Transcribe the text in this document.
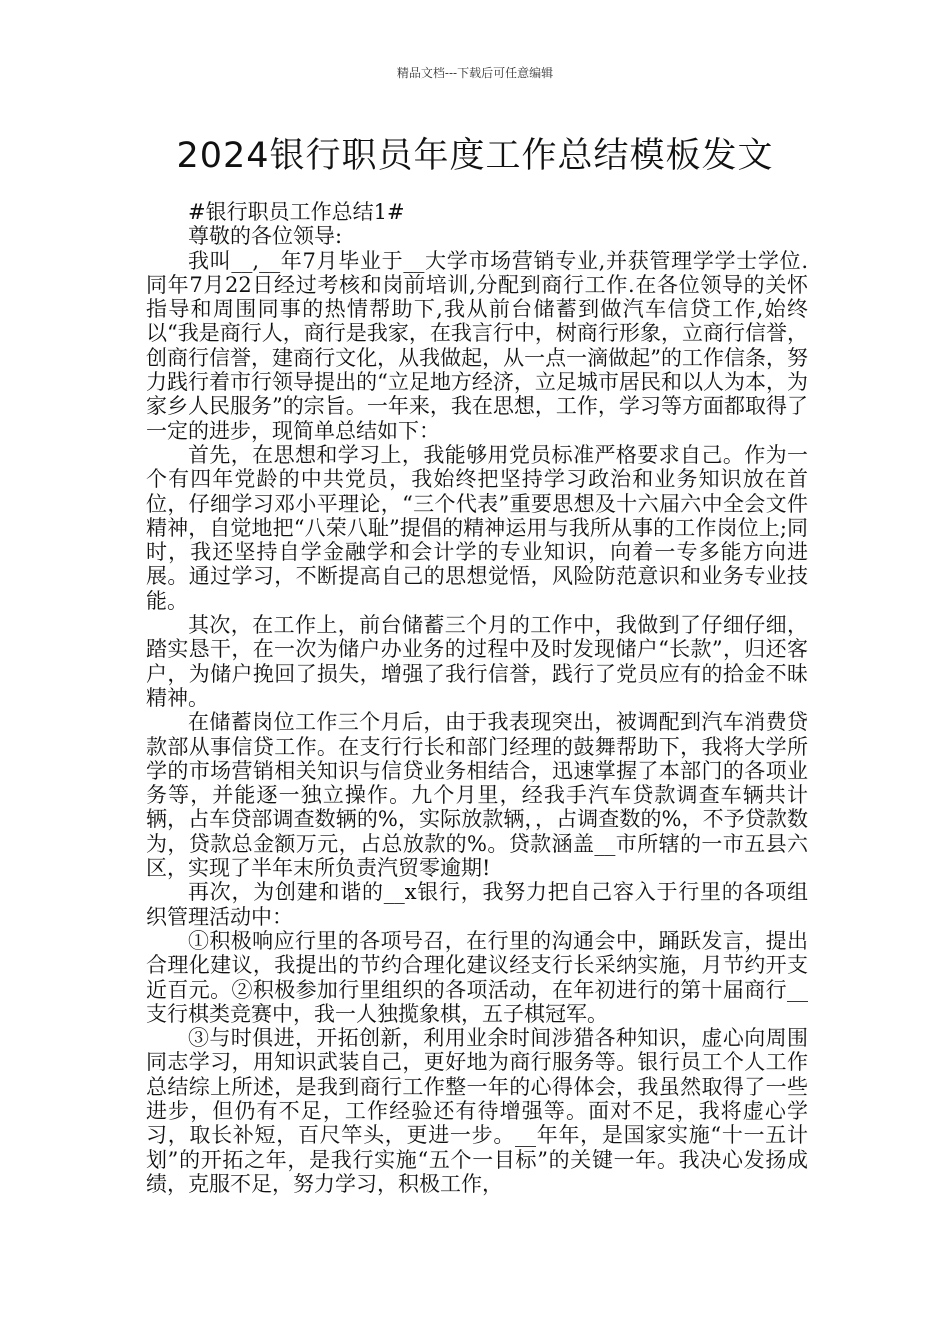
精品文档---下载后可任意编辑
2024银行职员年度工作总结模板发文

#银行职员工作总结1#

尊敬的各位领导:

我叫__,__年7月毕业于__大学市场营销专业,并获管理学学士学位.同年7月22日经过考核和岗前培训,分配到商行工作.在各位领导的关怀指导和周围同事的热情帮助下,我从前台储蓄到做汽车信贷工作,始终以“我是商行人，商行是我家，在我言行中，树商行形象，立商行信誉，创商行信誉，建商行文化，从我做起，从一点一滴做起”的工作信条，努力践行着市行领导提出的“立足地方经济，立足城市居民和以人为本，为家乡人民服务”的宗旨。一年来，我在思想，工作，学习等方面都取得了一定的进步，现简单总结如下：

首先，在思想和学习上，我能够用党员标准严格要求自己。作为一个有四年党龄的中共党员，我始终把坚持学习政治和业务知识放在首位，仔细学习邓小平理论，“三个代表”重要思想及十六届六中全会文件精神，自觉地把“八荣八耻”提倡的精神运用与我所从事的工作岗位上;同时，我还坚持自学金融学和会计学的专业知识，向着一专多能方向进展。通过学习，不断提高自己的思想觉悟，风险防范意识和业务专业技能。

其次，在工作上，前台储蓄三个月的工作中，我做到了仔细仔细，踏实恳干，在一次为储户办业务的过程中及时发现储户“长款”，归还客户，为储户挽回了损失，增强了我行信誉，践行了党员应有的拾金不昧精神。

在储蓄岗位工作三个月后，由于我表现突出，被调配到汽车消费贷款部从事信贷工作。在支行行长和部门经理的鼓舞帮助下，我将大学所学的市场营销相关知识与信贷业务相结合，迅速掌握了本部门的各项业务等，并能逐一独立操作。九个月里，经我手汽车贷款调查车辆共计辆，占车贷部调查数辆的%，实际放款辆，，占调查数的%，不予贷款数为，贷款总金额万元，占总放款的%。贷款涵盖__市所辖的一市五县六区，实现了半年末所负责汽贸零逾期!

再次，为创建和谐的__x银行，我努力把自己容入于行里的各项组织管理活动中：

①积极响应行里的各项号召，在行里的沟通会中，踊跃发言，提出合理化建议，我提出的节约合理化建议经支行长采纳实施，月节约开支近百元。②积极参加行里组织的各项活动，在年初进行的第十届商行__支行棋类竞赛中，我一人独揽象棋，五子棋冠军。

③与时俱进，开拓创新，利用业余时间涉猎各种知识，虚心向周围同志学习，用知识武装自己，更好地为商行服务等。银行员工个人工作总结综上所述，是我到商行工作整一年的心得体会，我虽然取得了一些进步，但仍有不足，工作经验还有待增强等。面对不足，我将虚心学习，取长补短，百尺竿头，更进一步。__年年，是国家实施“十一五计划”的开拓之年，是我行实施“五个一目标”的关键一年。我决心发扬成绩，克服不足，努力学习，积极工作，
